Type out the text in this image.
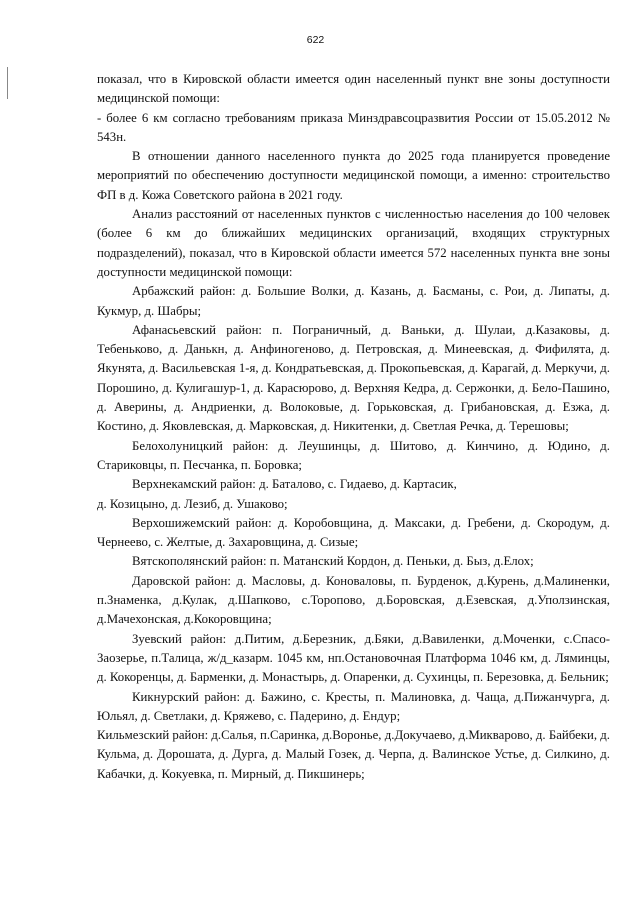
622

показал, что в Кировской области имеется один населенный пункт вне зоны доступности медицинской помощи:

- более 6 км согласно требованиям приказа Минздравсоцразвития России от 15.05.2012 № 543н.

В отношении данного населенного пункта до 2025 года планируется проведение мероприятий по обеспечению доступности медицинской помощи, а именно: строительство ФП в д. Кожа Советского района в 2021 году.

Анализ расстояний от населенных пунктов с численностью населения до 100 человек (более 6 км до ближайших медицинских организаций, входящих структурных подразделений), показал, что в Кировской области имеется 572 населенных пункта вне зоны доступности медицинской помощи:

Арбажский район: д. Большие Волки, д. Казань, д. Басманы, с. Рои, д. Липаты, д. Кукмур, д. Шабры;

Афанасьевский район: п. Пограничный, д. Ваньки, д. Шулаи, д.Казаковы, д. Тебеньково, д. Данькн, д. Анфиногеново, д. Петровская, д. Минеевская, д. Фифилята, д. Якунята, д. Васильевская 1-я, д. Кондратьевская, д. Прокопьевская, д. Карагай, д. Меркучи, д. Порошино, д. Кулигашур-1, д. Карасюрово, д. Верхняя Кедра, д. Сержонки, д. Бело-Пашино, д. Аверины, д. Андриенки, д. Волоковые, д. Горьковская, д. Грибановская, д. Езжа, д. Костино, д. Яковлевская, д. Марковская, д. Никитенки, д. Светлая Речка, д. Терешовы;

Белохолуницкий район: д. Леушинцы, д. Шитово, д. Кинчино, д. Юдино, д. Стариковцы, п. Песчанка, п. Боровка;

Верхнекамский район: д. Баталово, с. Гидаево, д. Картасик,

д. Козицыно, д. Лезиб, д. Ушаково;

Верхошижемский район: д. Коробовщина, д. Максаки, д. Гребени, д. Скородум, д. Чернеево, с. Желтые, д. Захаровщина, д. Сизые;

Вятскополянский район: п. Матанский Кордон, д. Пеньки, д. Быз, д.Елох;

Даровской район: д. Масловы, д. Коноваловы, п. Бурденок, д.Курень, д.Малиненки, п.Знаменка, д.Кулак, д.Шапково, с.Торопово, д.Боровская, д.Езевская, д.Уползинская, д.Мачехонская, д.Кокоровщина;

Зуевский район: д.Питим, д.Березник, д.Бяки, д.Вавиленки, д.Моченки, с.Спасо-Заозерье, п.Талица, ж/д_казарм. 1045 км, нп.Остановочная Платформа 1046 км, д. Ляминцы, д. Кокоренцы, д. Барменки, д. Монастырь, д. Опаренки, д. Сухинцы, п. Березовка, д. Бельник;

Кикнурский район: д. Бажино, с. Кресты, п. Малиновка, д. Чаща, д.Пижанчурга, д. Юльял, д. Светлаки, д. Кряжево, с. Падерино, д. Ендур;

Кильмезский район: д.Салья, п.Саринка, д.Воронье, д.Докучаево, д.Микварово, д. Байбеки, д. Кульма, д. Дорошата, д. Дурга, д. Малый Гозек, д. Черпа, д. Валинское Устье, д. Силкино, д. Кабачки, д. Кокуевка, п. Мирный, д. Пикшинерь;
